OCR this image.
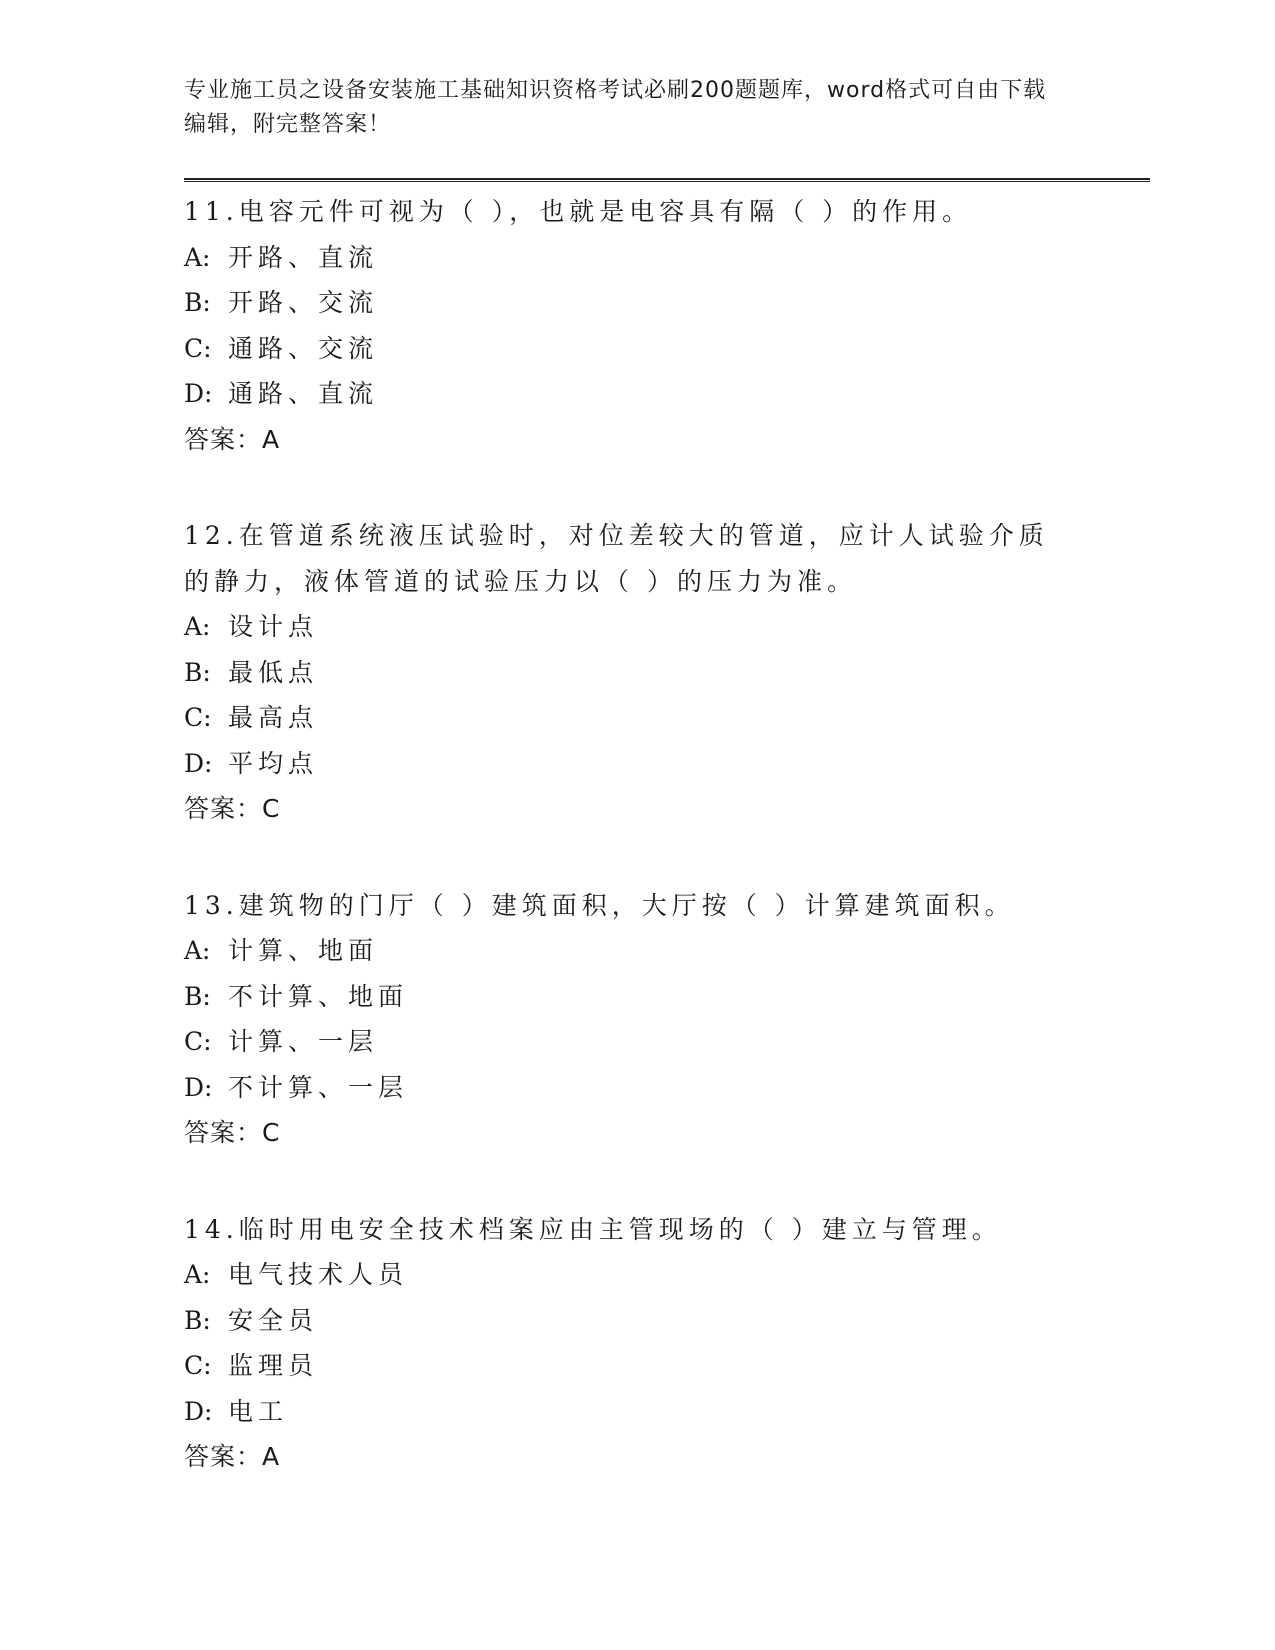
专业施工员之设备安装施工基础知识资格考试必刷200题题库，word格式可自由下载编辑，附完整答案！
11.电容元件可视为（ ），也就是电容具有隔（ ）的作用。
A: 开路、直流
B: 开路、交流
C: 通路、交流
D: 通路、直流
答案：A
12.在管道系统液压试验时，对位差较大的管道，应计人试验介质的静力，液体管道的试验压力以（ ）的压力为准。
A: 设计点
B: 最低点
C: 最高点
D: 平均点
答案：C
13.建筑物的门厅（ ）建筑面积，大厅按（ ）计算建筑面积。
A: 计算、地面
B: 不计算、地面
C: 计算、一层
D: 不计算、一层
答案：C
14.临时用电安全技术档案应由主管现场的（ ）建立与管理。
A: 电气技术人员
B: 安全员
C: 监理员
D: 电工
答案：A
